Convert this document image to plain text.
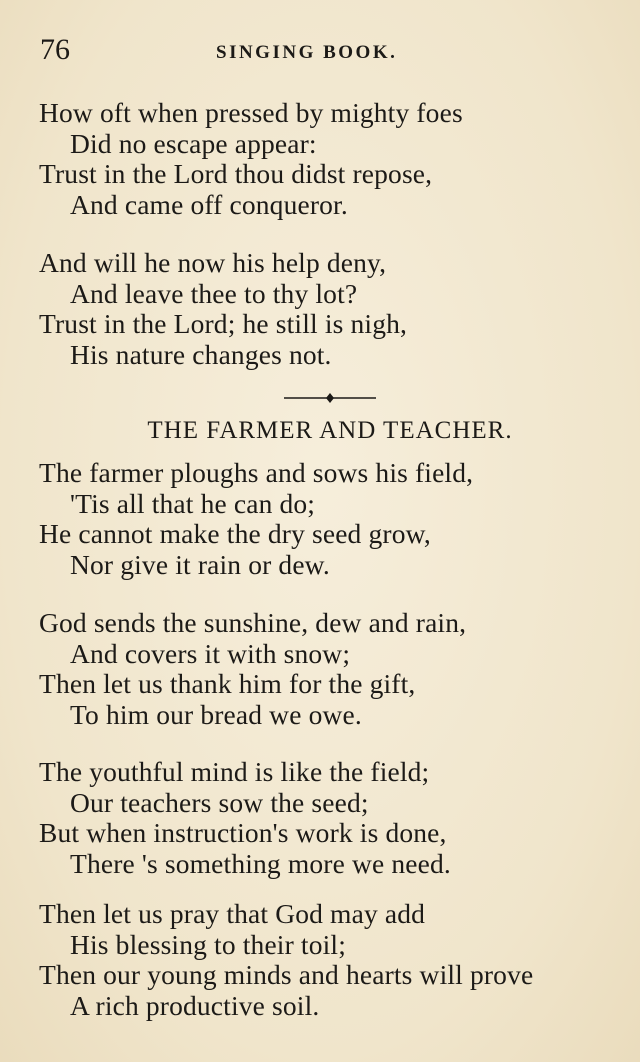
76	SINGING BOOK.
How oft when pressed by mighty foes
Did no escape appear:
Trust in the Lord thou didst repose,
And came off conqueror.
And will he now his help deny,
And leave thee to thy lot?
Trust in the Lord; he still is nigh,
His nature changes not.
THE FARMER AND TEACHER.
The farmer ploughs and sows his field,
'Tis all that he can do;
He cannot make the dry seed grow,
Nor give it rain or dew.
God sends the sunshine, dew and rain,
And covers it with snow;
Then let us thank him for the gift,
To him our bread we owe.
The youthful mind is like the field;
Our teachers sow the seed;
But when instruction's work is done,
There 's something more we need.
Then let us pray that God may add
His blessing to their toil;
Then our young minds and hearts will prove
A rich productive soil.
